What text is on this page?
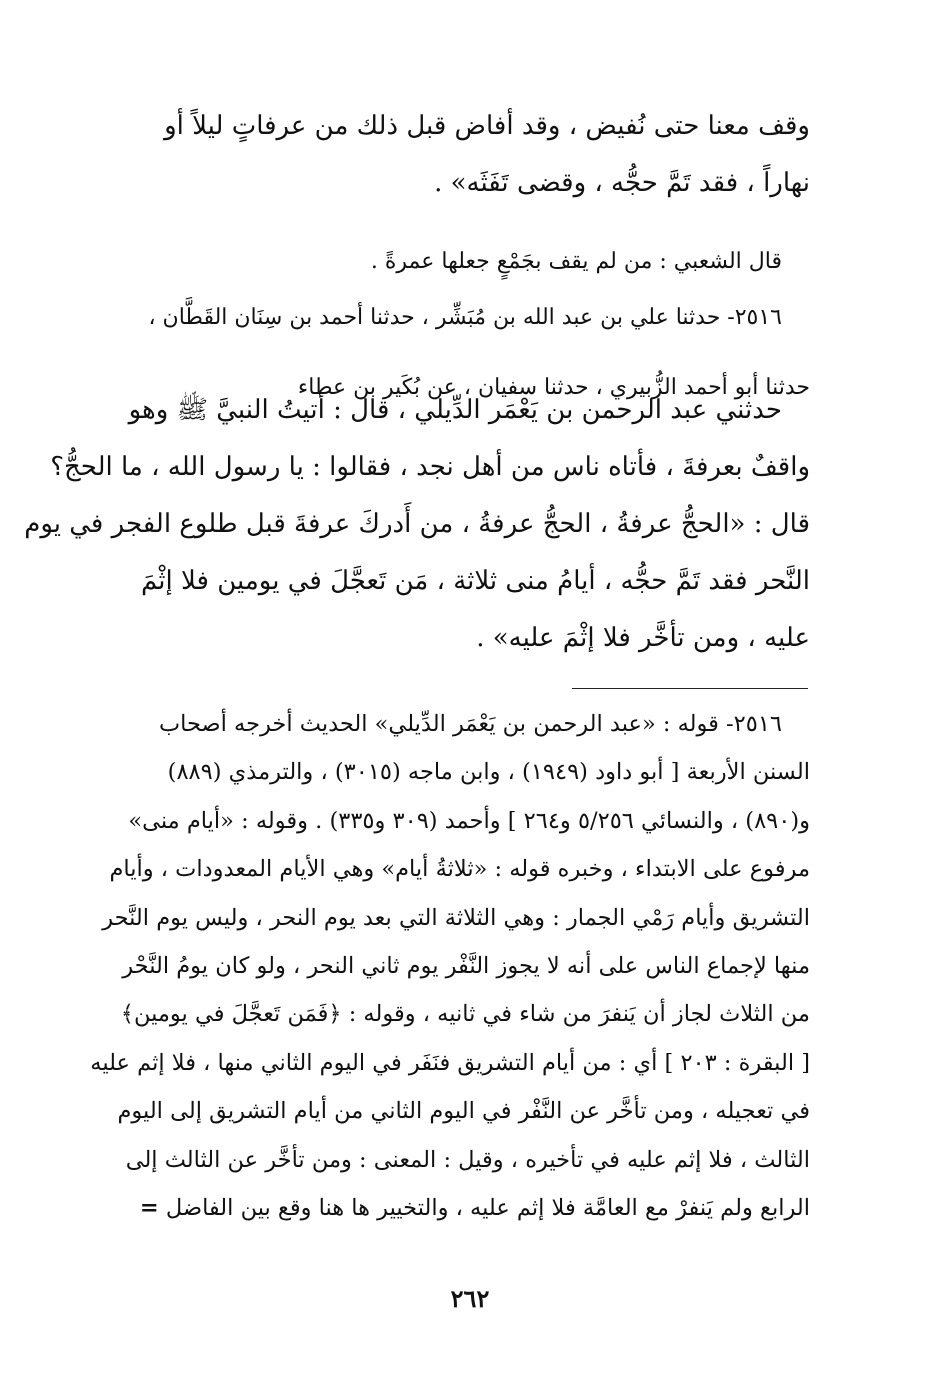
وقف معنا حتى نُفيض ، وقد أفاض قبل ذلك من عرفاتٍ ليلاً أو

نهاراً ، فقد تَمَّ حجُّه ، وقضى تَفَثَه» .

قال الشعبي : من لم يقف بجَمْعٍ جعلها عمرةً .

٢٥١٦- حدثنا علي بن عبد الله بن مُبَشِّر ، حدثنا أحمد بن سِنَان القَطَّان ،

حدثنا أبو أحمد الزُّبيري ، حدثنا سفيان ، عن بُكَير بن عطاء

حدثني عبد الرحمن بن يَعْمَر الدِّيلي ، قال : أتيتُ النبيَّ ﷺ وهو

واقفٌ بعرفةَ ، فأتاه ناس من أهل نجد ، فقالوا : يا رسول الله ، ما الحجُّ؟

قال : «الحجُّ عرفةُ ، الحجُّ عرفةُ ، من أَدركَ عرفةَ قبل طلوع الفجر في يوم

النَّحر فقد تَمَّ حجُّه ، أيامُ منى ثلاثة ، مَن تَعجَّلَ في يومين فلا إثْمَ

عليه ، ومن تأخَّر فلا إثْمَ عليه» .

٢٥١٦- قوله : «عبد الرحمن بن يَعْمَر الدِّيلي» الحديث أخرجه أصحاب

السنن الأربعة [ أبو داود (١٩٤٩) ، وابن ماجه (٣٠١٥) ، والترمذي (٨٨٩)

و(٨٩٠) ، والنسائي ٥/٢٥٦ و٢٦٤ ] وأحمد (٣٠٩ و٣٣٥) . وقوله : «أيام منى»

مرفوع على الابتداء ، وخبره قوله : «ثلاثةُ أيام» وهي الأيام المعدودات ، وأيام

التشريق وأيام رَمْي الجمار : وهي الثلاثة التي بعد يوم النحر ، وليس يوم النَّحر

منها لإجماع الناس على أنه لا يجوز النَّفْر يوم ثاني النحر ، ولو كان يومُ النَّحْر

من الثلاث لجاز أن يَنفرَ من شاء في ثانيه ، وقوله : ﴿فَمَن تَعجَّلَ في يومين﴾

[ البقرة : ٢٠٣ ] أي : من أيام التشريق فنَفَر في اليوم الثاني منها ، فلا إثم عليه

في تعجيله ، ومن تأخَّر عن النَّفْر في اليوم الثاني من أيام التشريق إلى اليوم

الثالث ، فلا إثم عليه في تأخيره ، وقيل : المعنى : ومن تأخَّر عن الثالث إلى

الرابع ولم يَنفرْ مع العامَّة فلا إثم عليه ، والتخيير ها هنا وقع بين الفاضل =

٢٦٢
